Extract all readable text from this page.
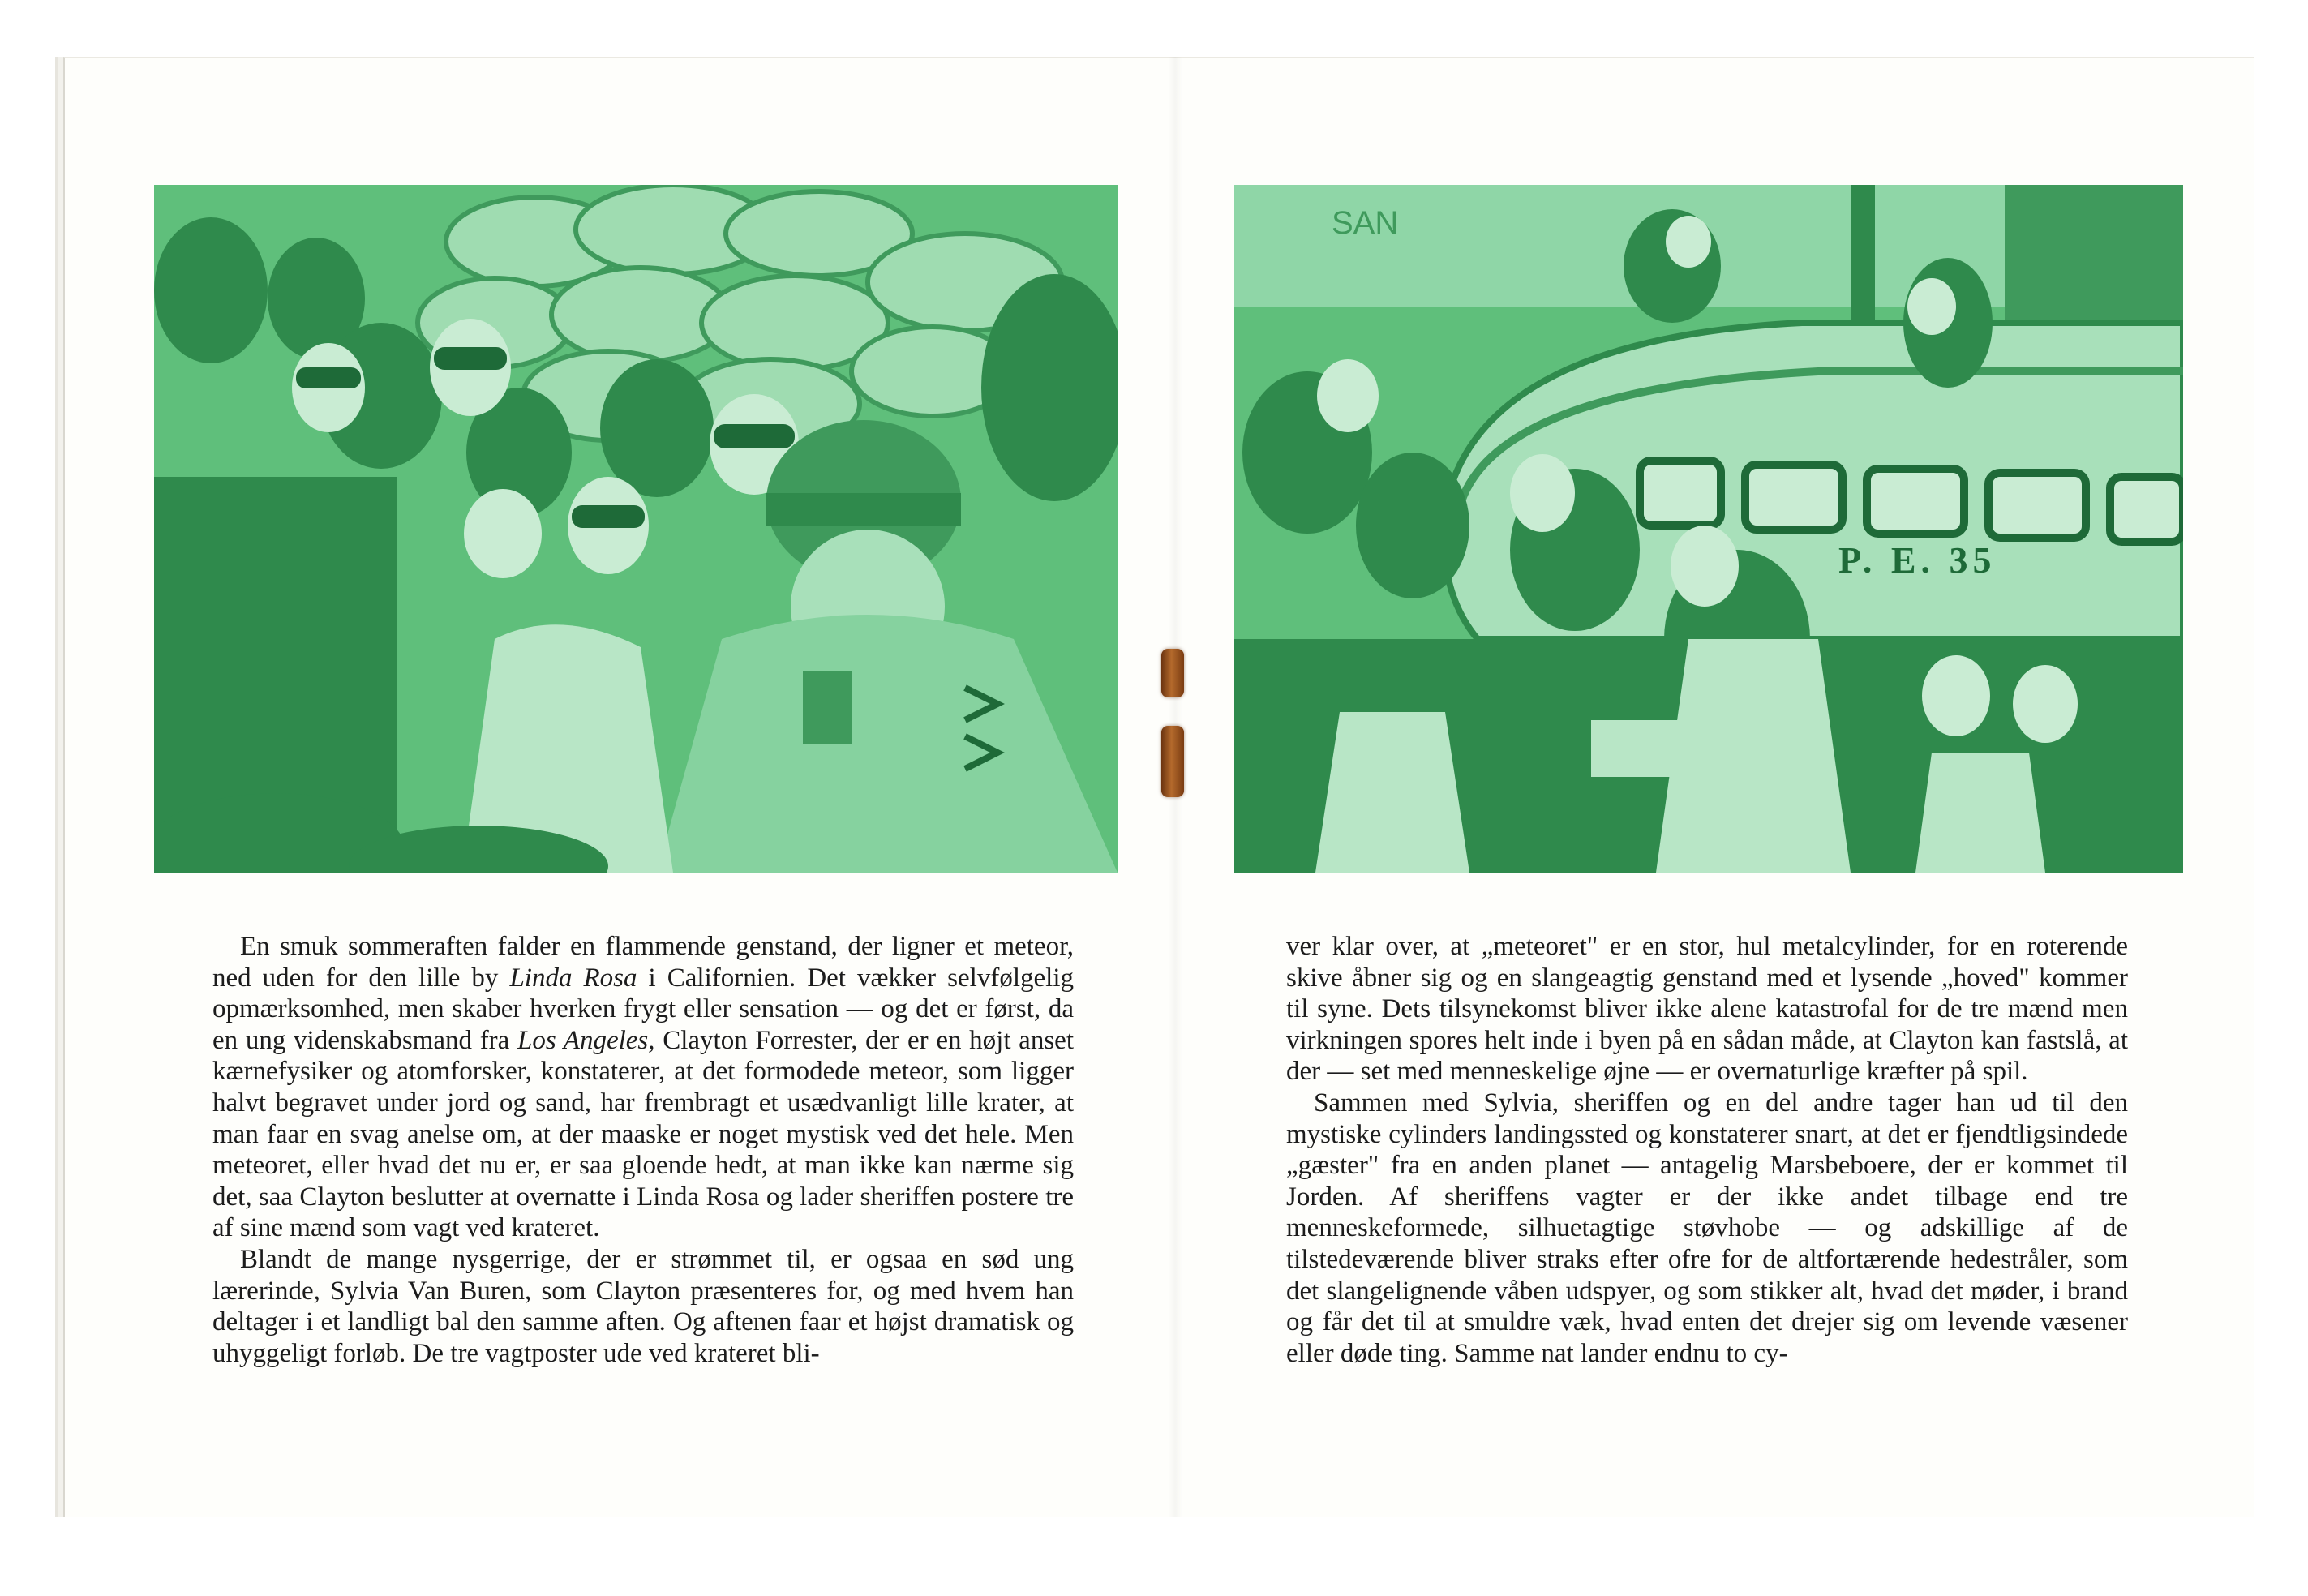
P. E. 35
SAN

En smuk sommeraften falder en flammende genstand, der ligner et meteor, ned uden for den lille by Linda Rosa i Californien. Det vækker selvfølgelig opmærksomhed, men skaber hverken frygt eller sensation — og det er først, da en ung videnskabsmand fra Los Angeles, Clayton Forrester, der er en højt anset kærnefysiker og atomforsker, konstaterer, at det formodede meteor, som ligger halvt begravet under jord og sand, har frembragt et usædvanligt lille krater, at man faar en svag anelse om, at der maaske er noget mystisk ved det hele. Men meteoret, eller hvad det nu er, er saa gloende hedt, at man ikke kan nærme sig det, saa Clayton beslutter at overnatte i Linda Rosa og lader sheriffen postere tre af sine mænd som vagt ved krateret.

Blandt de mange nysgerrige, der er strømmet til, er ogsaa en sød ung lærerinde, Sylvia Van Buren, som Clayton præsenteres for, og med hvem han deltager i et landligt bal den samme aften. Og aftenen faar et højst dramatisk og uhyggeligt forløb. De tre vagtposter ude ved krateret bli-

ver klar over, at „meteoret" er en stor, hul metalcylinder, for en roterende skive åbner sig og en slangeagtig genstand med et lysende „hoved" kommer til syne. Dets tilsynekomst bliver ikke alene katastrofal for de tre mænd men virkningen spores helt inde i byen på en sådan måde, at Clayton kan fastslå, at der — set med menneskelige øjne — er overnaturlige kræfter på spil.

Sammen med Sylvia, sheriffen og en del andre tager han ud til den mystiske cylinders landingssted og konstaterer snart, at det er fjendtligsindede „gæster" fra en anden planet — antagelig Marsbeboere, der er kommet til Jorden. Af sheriffens vagter er der ikke andet tilbage end tre menneskeformede, silhuetagtige støvhobe — og adskillige af de tilstedeværende bliver straks efter ofre for de altfortærende hedestråler, som det slangelignende våben udspyer, og som stikker alt, hvad det møder, i brand og får det til at smuldre væk, hvad enten det drejer sig om levende væsener eller døde ting. Samme nat lander endnu to cy-
